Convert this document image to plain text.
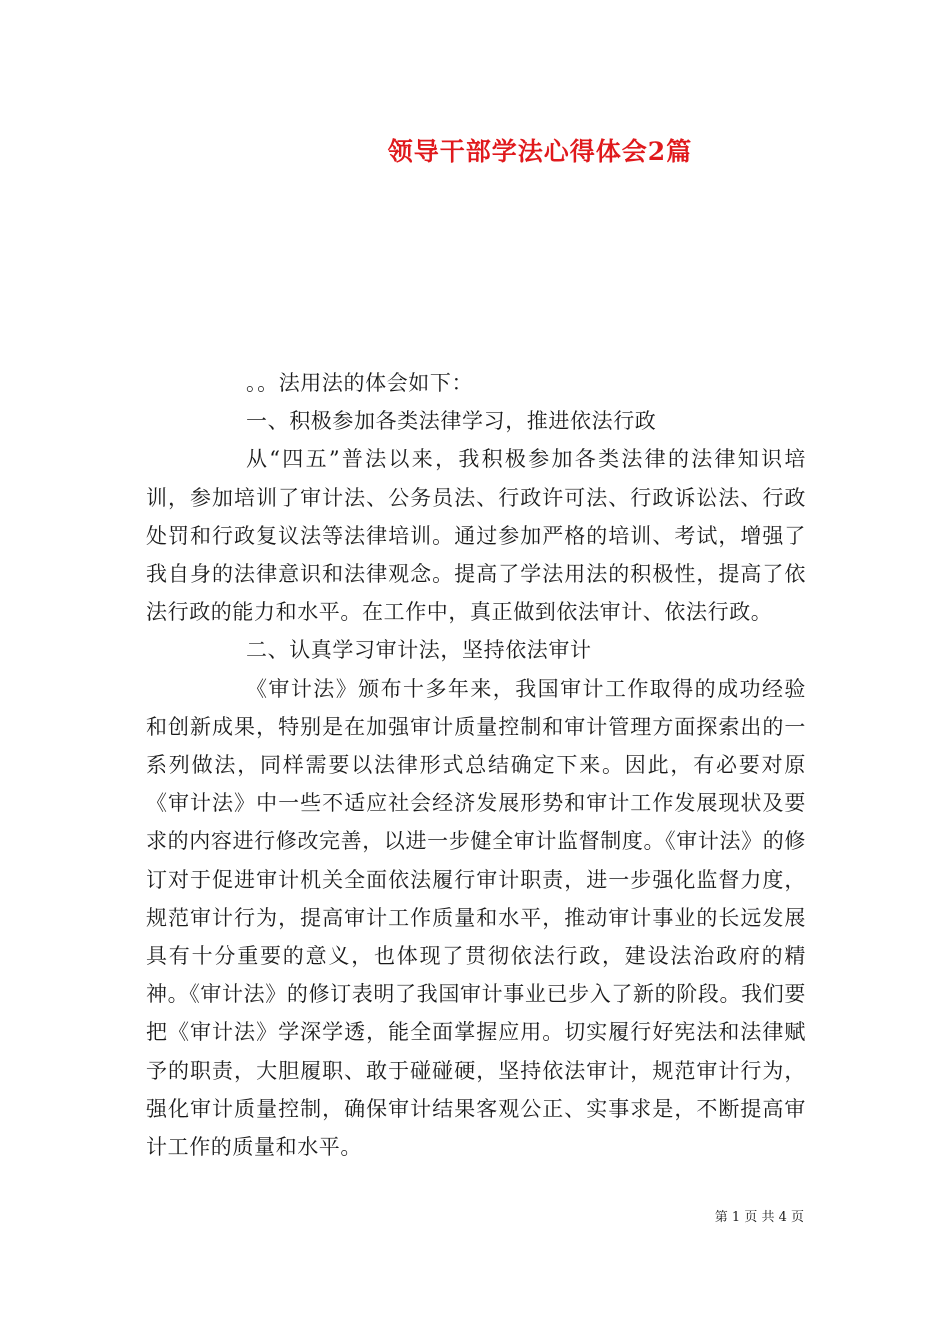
领导干部学法心得体会2篇

。。法用法的体会如下：

一、积极参加各类法律学习，推进依法行政

从“四五”普法以来，我积极参加各类法律的法律知识培训，参加培训了审计法、公务员法、行政许可法、行政诉讼法、行政处罚和行政复议法等法律培训。通过参加严格的培训、考试，增强了我自身的法律意识和法律观念。提高了学法用法的积极性，提高了依法行政的能力和水平。在工作中，真正做到依法审计、依法行政。

二、认真学习审计法，坚持依法审计

《审计法》颁布十多年来，我国审计工作取得的成功经验和创新成果，特别是在加强审计质量控制和审计管理方面探索出的一系列做法，同样需要以法律形式总结确定下来。因此，有必要对原《审计法》中一些不适应社会经济发展形势和审计工作发展现状及要求的内容进行修改完善，以进一步健全审计监督制度。《审计法》的修订对于促进审计机关全面依法履行审计职责，进一步强化监督力度，规范审计行为，提高审计工作质量和水平，推动审计事业的长远发展具有十分重要的意义，也体现了贯彻依法行政，建设法治政府的精神。《审计法》的修订表明了我国审计事业已步入了新的阶段。我们要把《审计法》学深学透，能全面掌握应用。切实履行好宪法和法律赋予的职责，大胆履职、敢于碰碰硬，坚持依法审计，规范审计行为，强化审计质量控制，确保审计结果客观公正、实事求是，不断提高审计工作的质量和水平。

第 1 页 共 4 页
